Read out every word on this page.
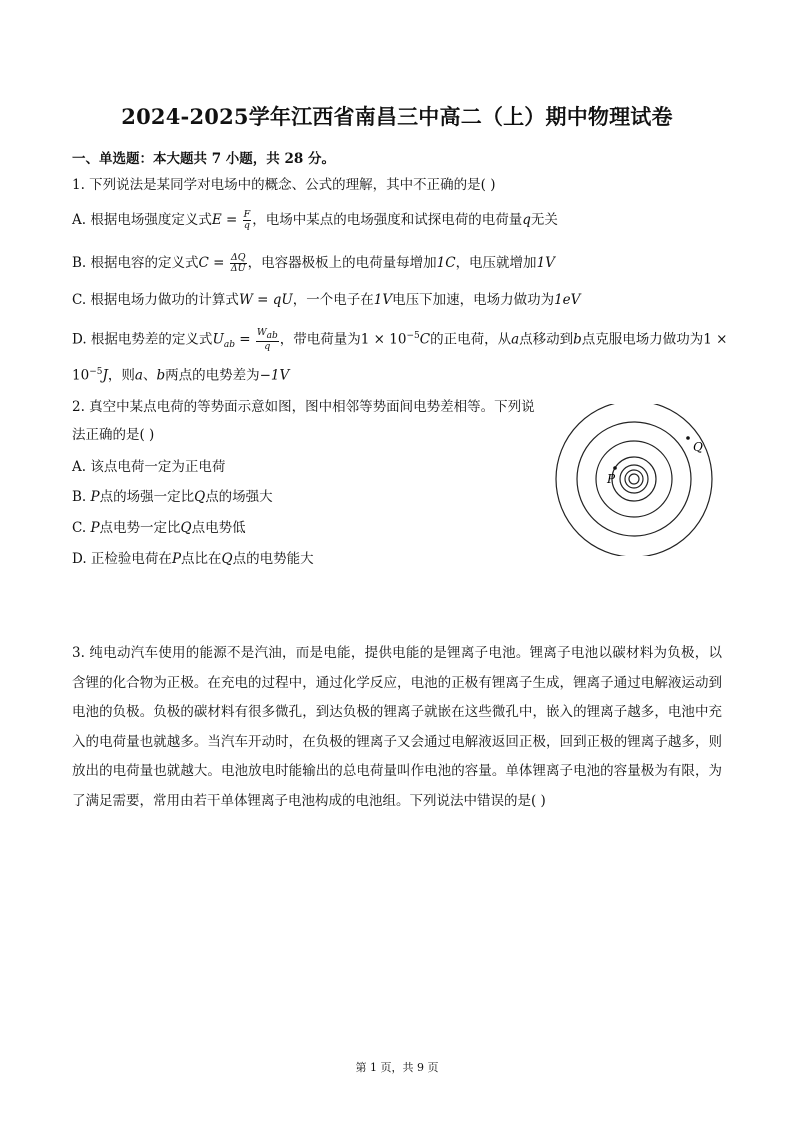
2024-2025学年江西省南昌三中高二（上）期中物理试卷
一、单选题：本大题共 7 小题，共 28 分。
1. 下列说法是某同学对电场中的概念、公式的理解，其中不正确的是( )
A. 根据电场强度定义式$E = \frac{F}{q}$ ，电场中某点的电场强度和试探电荷的电荷量q无关
B. 根据电容的定义式$C = \frac{\Delta Q}{\Delta U}$ ，电容器极板上的电荷量每增加1C，电压就增加1V
C. 根据电场力做功的计算式W = qU，一个电子在1V电压下加速，电场力做功为1eV
D. 根据电势差的定义式$U_{ab} = \frac{W_{ab}}{q}$ ，带电荷量为$1 \times 10^{-5}C$的正电荷，从a点移动到b点克服电场力做功为1 ×
$10^{-5}J$，则a、b两点的电势差为−1V
2. 真空中某点电荷的等势面示意如图，图中相邻等势面间电势差相等。下列说
法正确的是( )
A. 该点电荷一定为正电荷
B. P点的场强一定比Q点的场强大
C. P点电势一定比Q点电势低
D. 正检验电荷在P点比在Q点的电势能大
P
Q
3. 纯电动汽车使用的能源不是汽油，而是电能，提供电能的是锂离子电池。锂离子电池以碳材料为负极，以含锂的化合物为正极。在充电的过程中，通过化学反应，电池的正极有锂离子生成，锂离子通过电解液运动到电池的负极。负极的碳材料有很多微孔，到达负极的锂离子就嵌在这些微孔中，嵌入的锂离子越多，电池中充入的电荷量也就越多。当汽车开动时，在负极的锂离子又会通过电解液返回正极，回到正极的锂离子越多，则放出的电荷量也就越大。电池放电时能输出的总电荷量叫作电池的容量。单体锂离子电池的容量极为有限，为了满足需要，常用由若干单体锂离子电池构成的电池组。下列说法中错误的是( )
第 1 页，共 9 页
